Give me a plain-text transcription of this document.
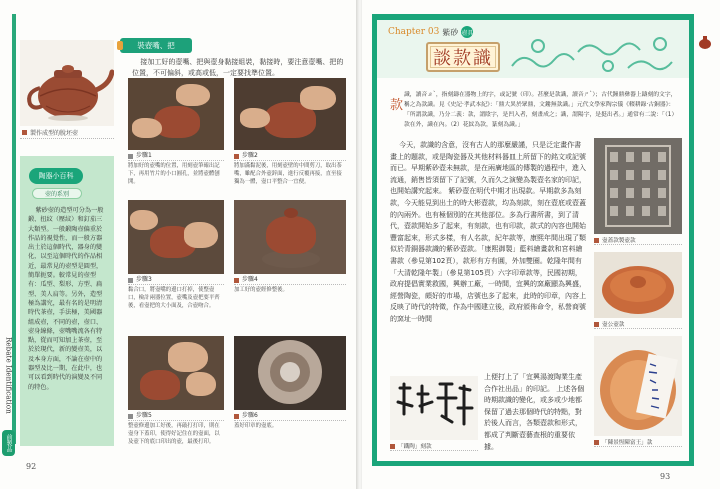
Rebate Identification
前製品
92
製作成型的脫坯壺
陶器小百科
壺的系別
紫砂壺的造型可分為一般鍛、扭紋（壓紋）和釘茄三大類型。一般鍛陶壺偏重於作品的視覺性，而一般方器出土於這個時代，器身的變化，以至這個時代的作品相近，最常見的壺型是圓型，簡單扼要。較常見的壺型有：瓜型、梨形、方型、扁型、美人肩等。另外，造型極為講究，最有名的是明清時代茶壺，手法極，美國器組成壺，不同的壺，壺口、壺身線條，壺嘴嘴流各有特點，從而可知加上茶壺，至於於現代，新的變壺美，以及本身方面，不論在壺中的器型及比一期，在此中，也可以看到時代的演變及不同的特色。
裝壺嘴、把
接加工好的壺嘴、把與壺身黏接組裝，黏接時，要注意壺嘴、把的位置，不可偏斜，或高或低，一定要找準位置。
步驟1
將加好的壺嘴的位置，用刻壺筆確出記下，再用竹片的小口圓孔，並將壺體刨開。
步驟2
將加滿黏泥後，用刻壺壁的中間剪刀，取出茶嘴，雖配合外壺鋅面，進行反覆再接，直至接獨為一體，壺口平整合一宜便。
步驟3
黏合口，將壺嘴的邊口打掉，使整壺口，檢計兩器位置，壺嘴及壺把要平齊後，看壺把的大小面及，合壺吻合。
步驟4
加工好的壺經修整後。
步驟5
整壺修邊加工好後，再敲打打印，則在壺身下蓋印，使得好記住在的壺面，以及壺下的底口印出的壺，最後打印。
步驟6
蓋好印章的壺底。
Chapter 03 紫砂 壺具
談款識
93
款
識，讀音ㄓˋ，指刻鑄在器物上的字，或記號（印）。甚麼是款識，讀音ㄕˋ）；古代鐘鼎彝器上鑄刻的文字，稱之為款識。見《史記·孝武本紀》：「鼎大異於眾鼎，文鏤無款識。」元代文學家陶宗儀《輟耕錄·古銅器》：「所謂款識，乃分二義：款，謂陰字，是凹入者，刻畫成之；識，謂陽字，是挺出者。」通常有二說：「（1）款在外，識在內。（2）花紋為款，篆刻為識。」
今天，款識的含意，沒有古人的那麼嚴謹，只是泛定畫作書畫上的題款，或是陶瓷器及其他材料器皿上所留下的銘文或記號而已。早期紫砂壺未無款，是在兩廣地區的傳製的過程中，進入流通，銷售皆須留下了記號，久而久之演變為製壺名家的印記，也開始講究起來。 紫砂壺在明代中期才出現款。早期款多為刻款，今天能見到出土的時大彬壺款，均為刻款，刻在壺底或壺蓋的內兩外。也有極個別的在其他部位。多為行書所書，到了清代，壺款開始多了起來，有刻款，也有印款，款式的內容也開始豐富起來，形式多樣，有人名款，紀年款等，康熙年間出現了類似於青銅器款識的紫砂壺款。「康熙御製」藍料繪畫款和宮料繪書款（參見第102頁），款形有方有圓，外加雙圈。乾隆年間有「大清乾隆年製」（參見第105頁）六字印章款等，民國初期，政府提倡實業救國，興辦工廠，一時間，宜興的窯廠顯為興盛，經營陶瓷，頗好的市場，店號也多了起來，此時的印章，內容上反映了時代的特徵，作為中國建立後，政府頒佈命令，私營商號的窯址一時間
壺蓋款製壺款
壺公壺款
「陳景恆陳富王」款
「鐵陶」刻款
上便打上了「宜興湯渡陶業生產合作社出品」的印記。 上述各個時期款識的變化，或多或少地都保留了過去那個時代的特點，對於後人而言，各類壺款和形式，都成了判斷壺藝查根的重要依據。
